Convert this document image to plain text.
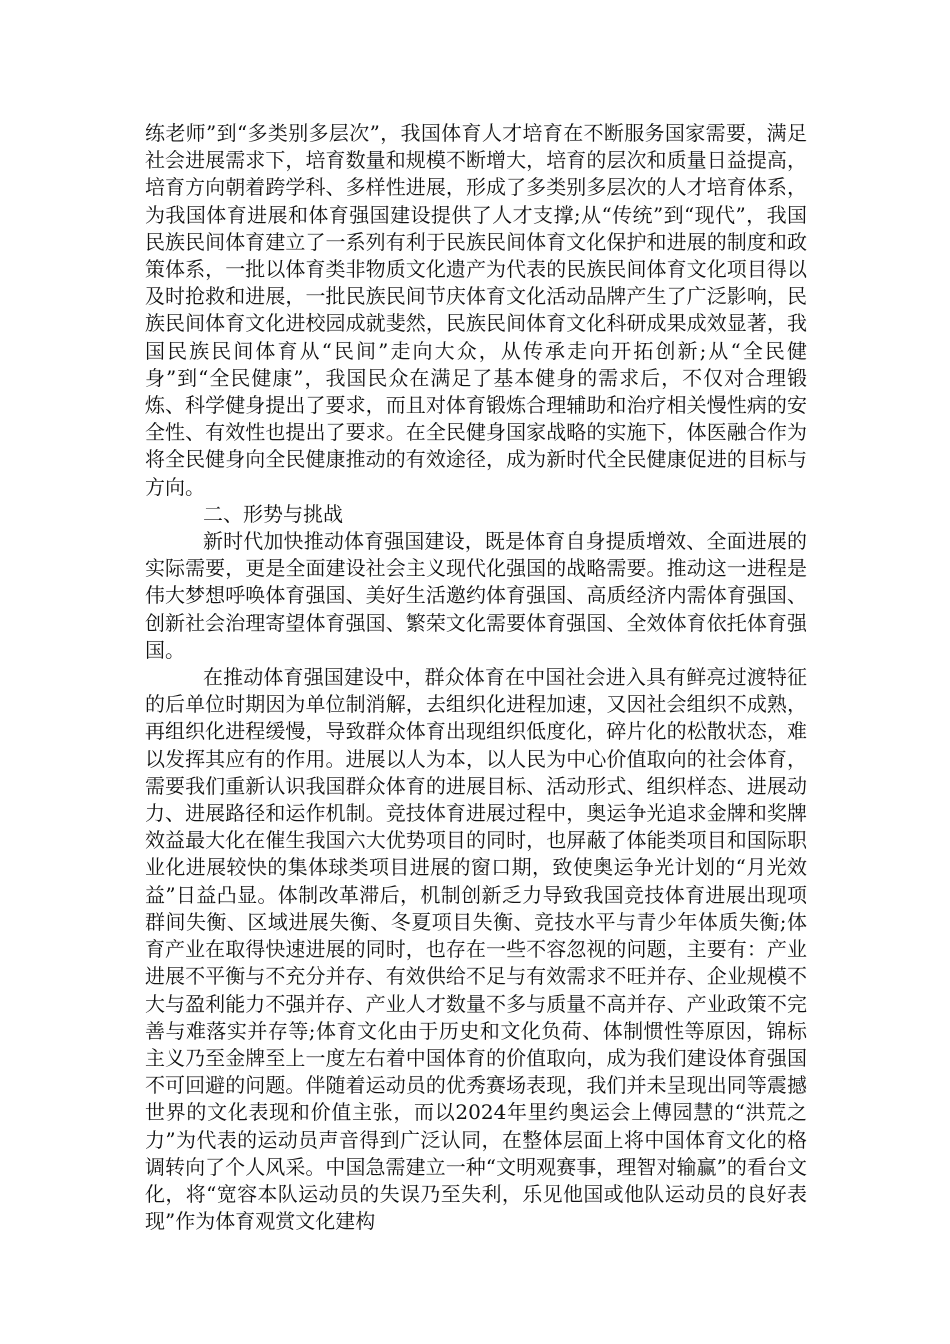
练老师”到“多类别多层次”，我国体育人才培育在不断服务国家需要，满足社会进展需求下，培育数量和规模不断增大，培育的层次和质量日益提高，培育方向朝着跨学科、多样性进展，形成了多类别多层次的人才培育体系，为我国体育进展和体育强国建设提供了人才支撑;从“传统”到“现代”，我国民族民间体育建立了一系列有利于民族民间体育文化保护和进展的制度和政策体系，一批以体育类非物质文化遗产为代表的民族民间体育文化项目得以及时抢救和进展，一批民族民间节庆体育文化活动品牌产生了广泛影响，民族民间体育文化进校园成就斐然，民族民间体育文化科研成果成效显著，我国民族民间体育从“民间”走向大众，从传承走向开拓创新;从“全民健身”到“全民健康”，我国民众在满足了基本健身的需求后，不仅对合理锻炼、科学健身提出了要求，而且对体育锻炼合理辅助和治疗相关慢性病的安全性、有效性也提出了要求。在全民健身国家战略的实施下，体医融合作为将全民健身向全民健康推动的有效途径，成为新时代全民健康促进的目标与方向。

二、形势与挑战

新时代加快推动体育强国建设，既是体育自身提质增效、全面进展的实际需要，更是全面建设社会主义现代化强国的战略需要。推动这一进程是伟大梦想呼唤体育强国、美好生活邀约体育强国、高质经济内需体育强国、创新社会治理寄望体育强国、繁荣文化需要体育强国、全效体育依托体育强国。

在推动体育强国建设中，群众体育在中国社会进入具有鲜亮过渡特征的后单位时期因为单位制消解，去组织化进程加速，又因社会组织不成熟，再组织化进程缓慢，导致群众体育出现组织低度化，碎片化的松散状态，难以发挥其应有的作用。进展以人为本，以人民为中心价值取向的社会体育，需要我们重新认识我国群众体育的进展目标、活动形式、组织样态、进展动力、进展路径和运作机制。竞技体育进展过程中，奥运争光追求金牌和奖牌效益最大化在催生我国六大优势项目的同时，也屏蔽了体能类项目和国际职业化进展较快的集体球类项目进展的窗口期，致使奥运争光计划的“月光效益”日益凸显。体制改革滞后，机制创新乏力导致我国竞技体育进展出现项群间失衡、区域进展失衡、冬夏项目失衡、竞技水平与青少年体质失衡;体育产业在取得快速进展的同时，也存在一些不容忽视的问题，主要有：产业进展不平衡与不充分并存、有效供给不足与有效需求不旺并存、企业规模不大与盈利能力不强并存、产业人才数量不多与质量不高并存、产业政策不完善与难落实并存等;体育文化由于历史和文化负荷、体制惯性等原因，锦标主义乃至金牌至上一度左右着中国体育的价值取向，成为我们建设体育强国不可回避的问题。伴随着运动员的优秀赛场表现，我们并未呈现出同等震撼世界的文化表现和价值主张，而以2024年里约奥运会上傅园慧的“洪荒之力”为代表的运动员声音得到广泛认同，在整体层面上将中国体育文化的格调转向了个人风采。中国急需建立一种“文明观赛事，理智对输赢”的看台文化，将“宽容本队运动员的失误乃至失利，乐见他国或他队运动员的良好表现”作为体育观赏文化建构
